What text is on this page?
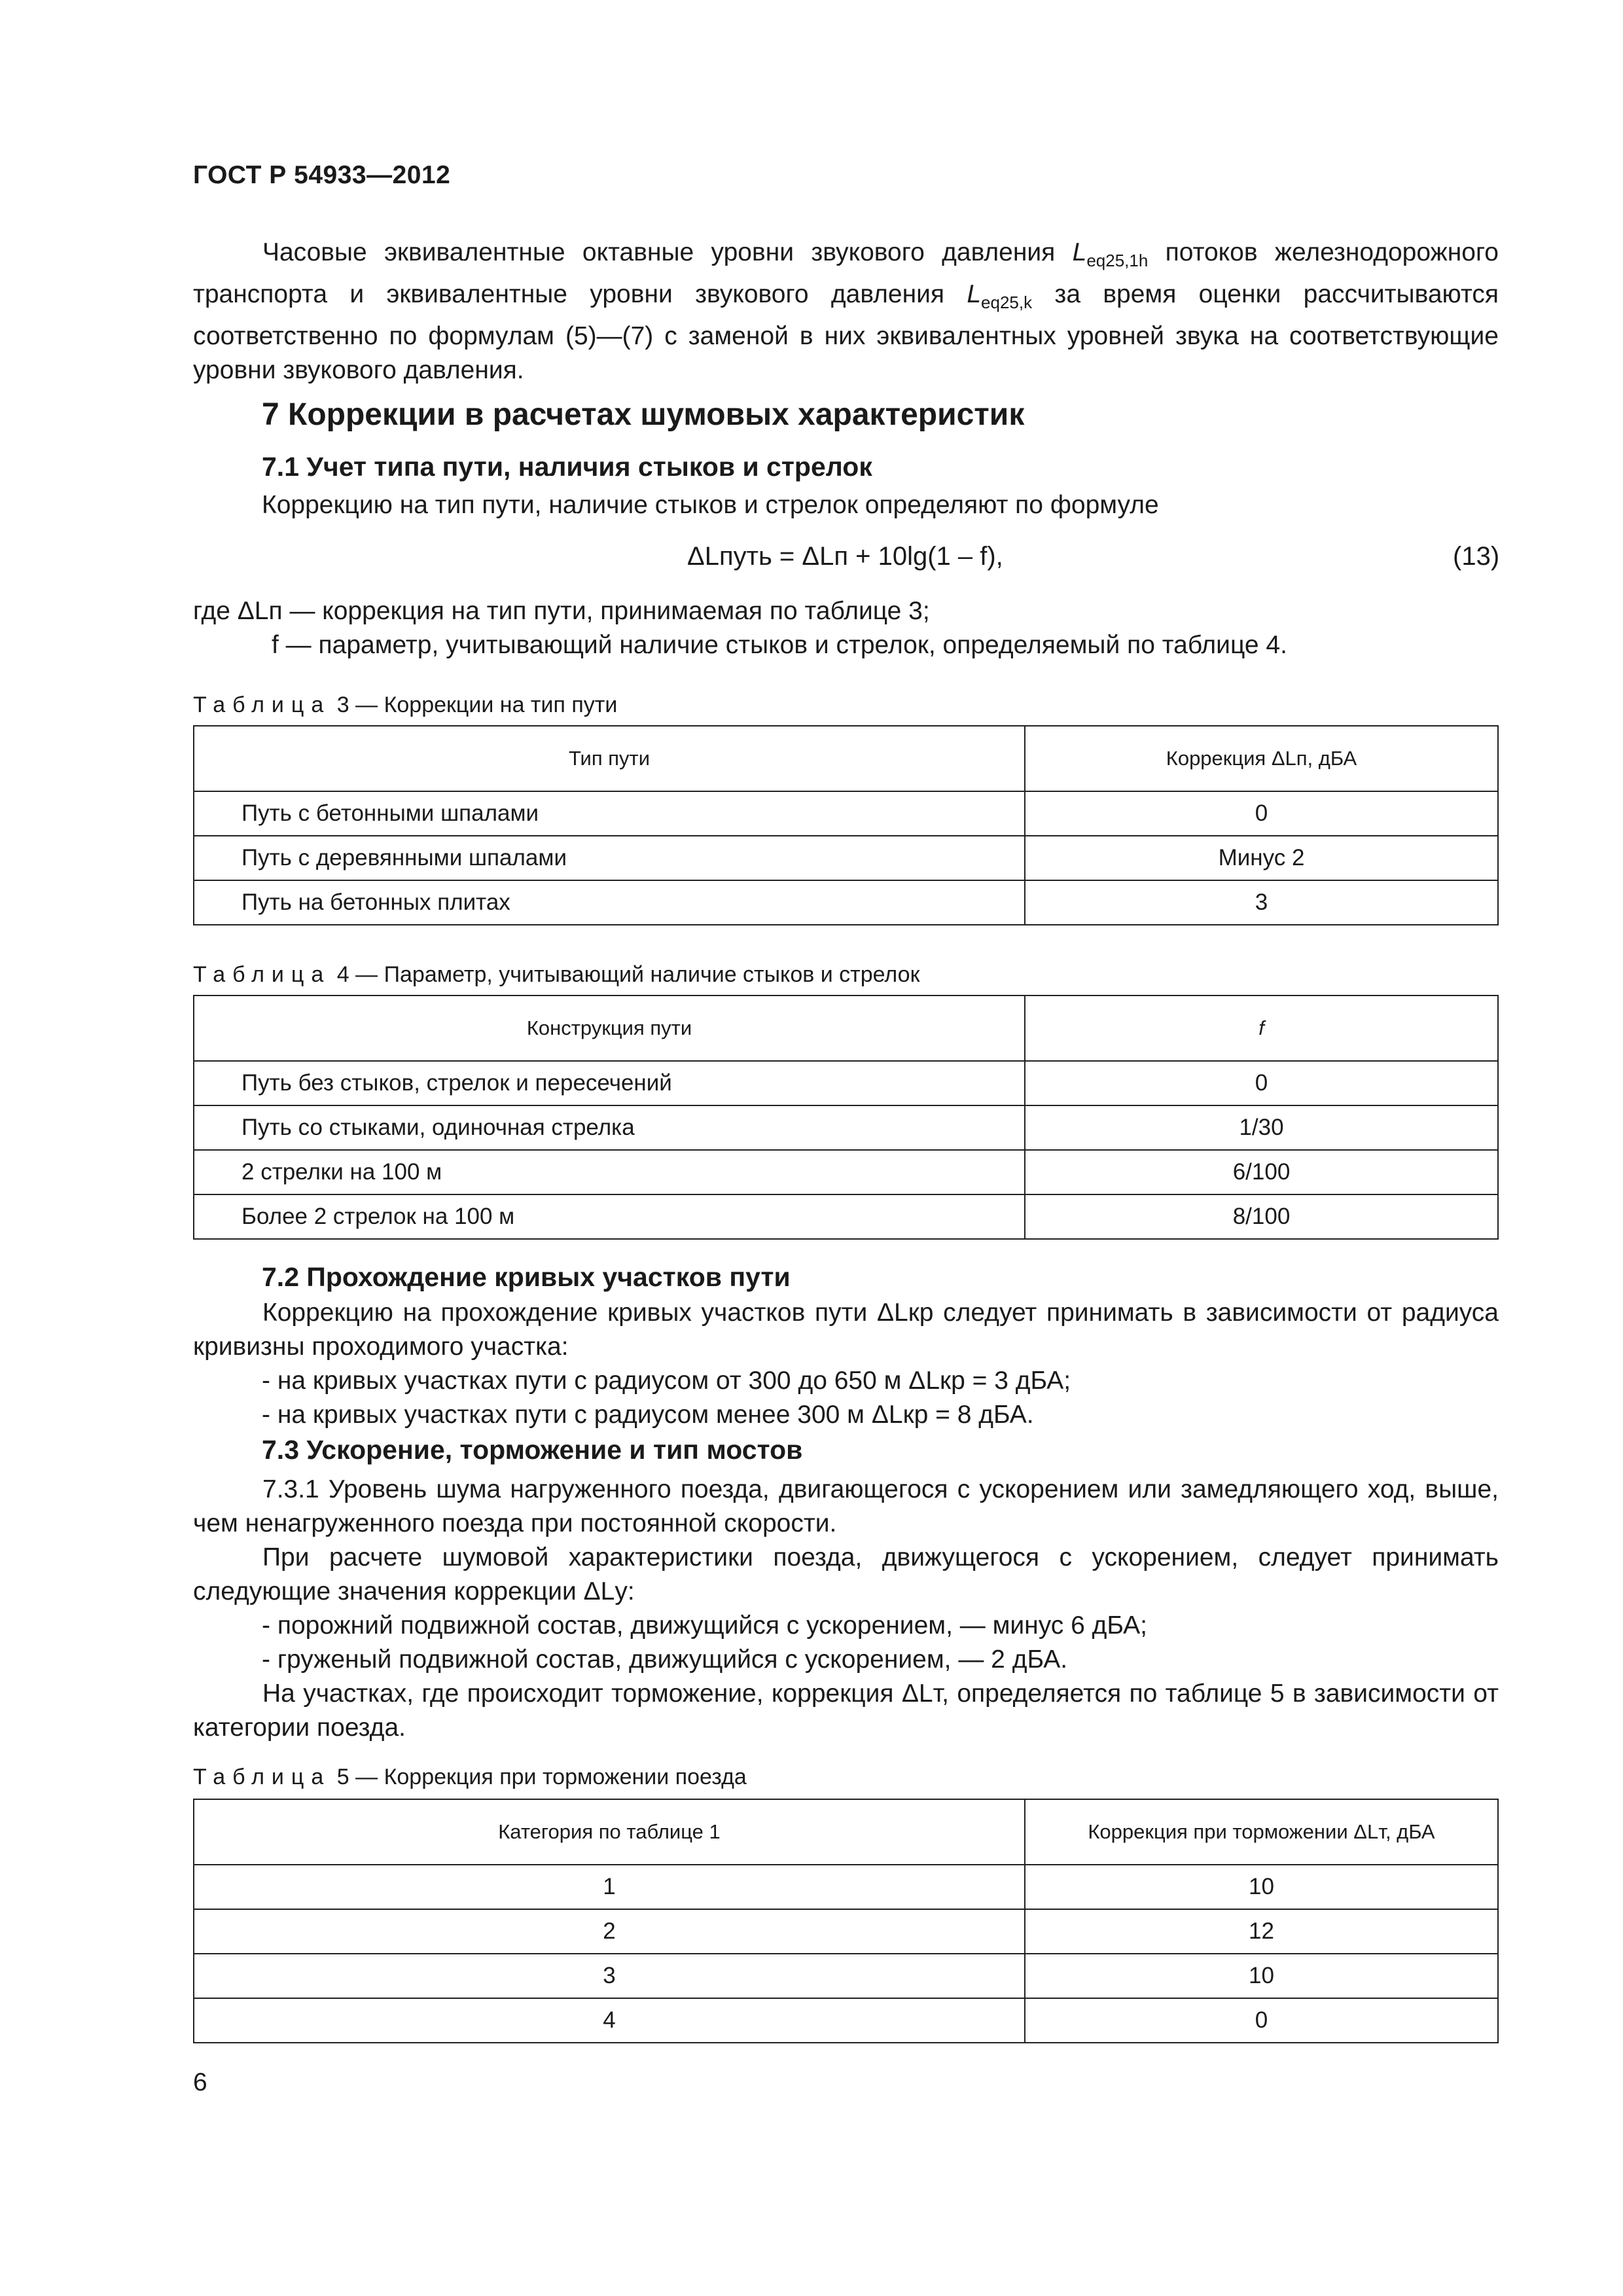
ГОСТ Р 54933—2012
Часовые эквивалентные октавные уровни звукового давления $L_{eq25,1h}$ потоков железнодорожного транспорта и эквивалентные уровни звукового давления $L_{eq25,k}$ за время оценки рассчитываются соответственно по формулам (5)—(7) с заменой в них эквивалентных уровней звука на соответствующие уровни звукового давления.
7 Коррекции в расчетах шумовых характеристик
7.1 Учет типа пути, наличия стыков и стрелок
Коррекцию на тип пути, наличие стыков и стрелок определяют по формуле
ΔLпуть = ΔLп + 10lg(1 – f),	(13)
где ΔLп — коррекция на тип пути, принимаемая по таблице 3;
f — параметр, учитывающий наличие стыков и стрелок, определяемый по таблице 4.
Таблица 3 — Коррекции на тип пути
Тип пути	Коррекция ΔLп, дБА
Путь с бетонными шпалами	0
Путь с деревянными шпалами	Минус 2
Путь на бетонных плитах	3
Таблица 4 — Параметр, учитывающий наличие стыков и стрелок
Конструкция пути	f
Путь без стыков, стрелок и пересечений	0
Путь со стыками, одиночная стрелка	1/30
2 стрелки на 100 м	6/100
Более 2 стрелок на 100 м	8/100
7.2 Прохождение кривых участков пути
Коррекцию на прохождение кривых участков пути ΔLкр следует принимать в зависимости от радиуса кривизны проходимого участка:
- на кривых участках пути с радиусом от 300 до 650 м ΔLкр = 3 дБА;
- на кривых участках пути с радиусом менее 300 м ΔLкр = 8 дБА.
7.3 Ускорение, торможение и тип мостов
7.3.1 Уровень шума нагруженного поезда, двигающегося с ускорением или замедляющего ход, выше, чем ненагруженного поезда при постоянной скорости.
При расчете шумовой характеристики поезда, движущегося с ускорением, следует принимать следующие значения коррекции ΔLу:
- порожний подвижной состав, движущийся с ускорением, — минус 6 дБА;
- груженый подвижной состав, движущийся с ускорением, — 2 дБА.
На участках, где происходит торможение, коррекция ΔLт, определяется по таблице 5 в зависимости от категории поезда.
Таблица 5 — Коррекция при торможении поезда
Категория по таблице 1	Коррекция при торможении ΔLт, дБА
1	10
2	12
3	10
4	0
6
